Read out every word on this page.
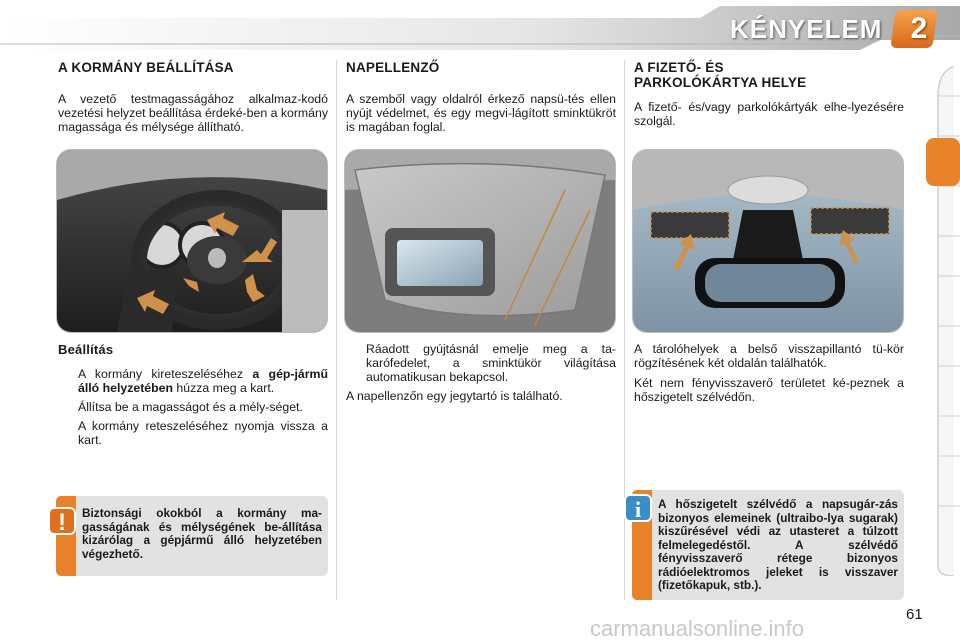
KÉNYELEM 2
A KORMÁNY BEÁLLÍTÁSA

A vezető testmagasságához alkalmaz-kodó vezetési helyzet beállítása érdeké-ben a kormány magassága és mélysége állítható.

Beállítás
A kormány kireteszeléséhez a gép-jármű álló helyzetében húzza meg a kart.
Állítsa be a magasságot és a mély-séget.
A kormány reteszeléséhez nyomja vissza a kart.
!	Biztonsági okokból a kormány ma-gasságának és mélységének be-állítása kizárólag a gépjármű álló helyzetében végezhető.
NAPELLENZŐ

A szemből vagy oldalról érkező napsü-tés ellen nyújt védelmet, és egy megvi-lágított sminktükröt is magában foglal.

Ráadott gyújtásnál emelje meg a ta-karófedelet, a sminktükör világítása automatikusan bekapcsol.

A napellenzőn egy jegytartó is található.

A FIZETŐ- ÉS
PARKOLÓKÁRTYA HELYE

A fizető- és/vagy parkolókártyák elhe-lyezésére szolgál.

A tárolóhelyek a belső visszapillantó tü-kör rögzítésének két oldalán találhatók.

Két nem fényvisszaverő területet ké-peznek a hőszigetelt szélvédőn.

i	A hőszigetelt szélvédő a napsugár-zás bizonyos elemeinek (ultraibo-lya sugarak) kiszűrésével védi az utasteret a túlzott felmelegedéstől. A szélvédő fényvisszaverő rétege bizonyos rádióelektromos jeleket is visszaver (fizetőkapuk, stb.).
carmanualsonline.info
61
